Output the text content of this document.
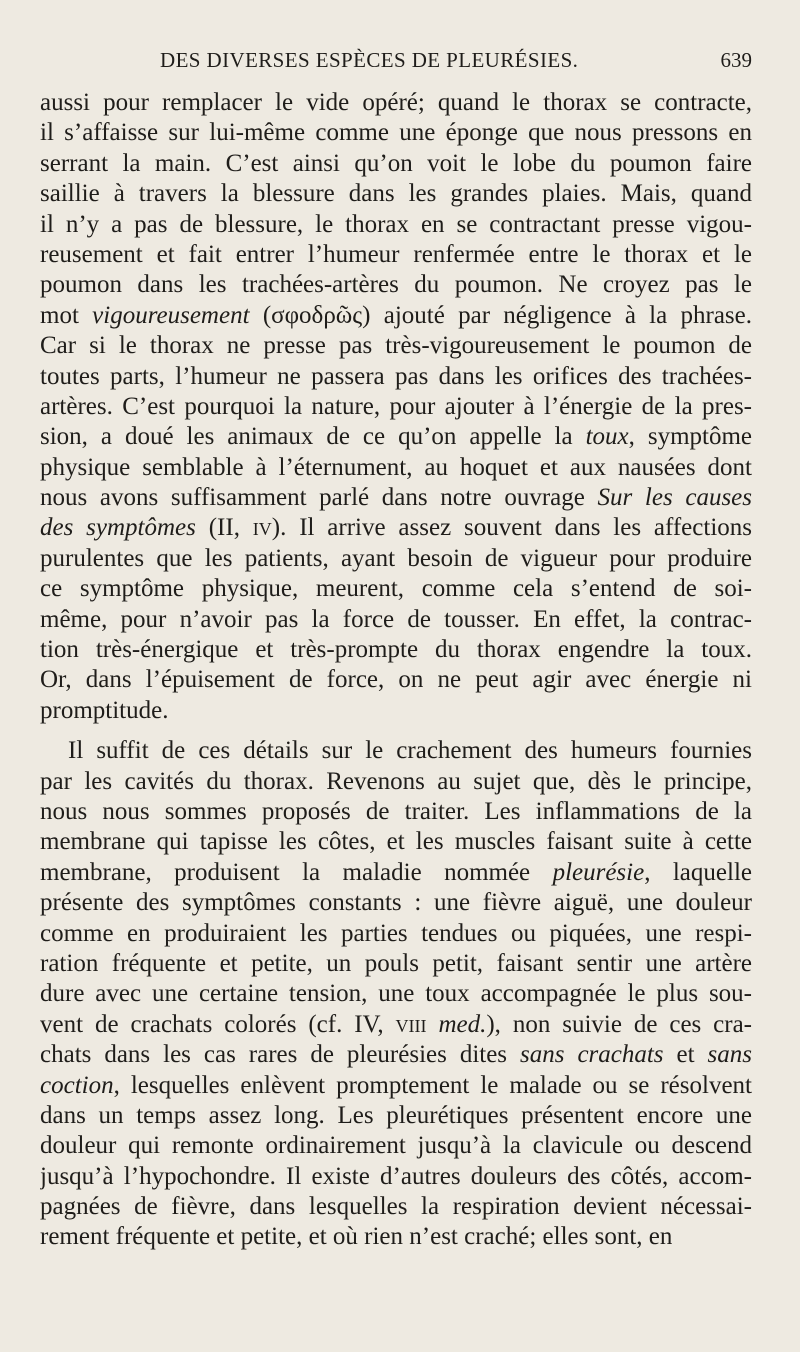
DES DIVERSES ESPÈCES DE PLEURÉSIES.	639
aussi pour remplacer le vide opéré; quand le thorax se contracte,
il s’affaisse sur lui-même comme une éponge que nous pressons en
serrant la main. C’est ainsi qu’on voit le lobe du poumon faire
saillie à travers la blessure dans les grandes plaies. Mais, quand
il n’y a pas de blessure, le thorax en se contractant presse vigou-
reusement et fait entrer l’humeur renfermée entre le thorax et le
poumon dans les trachées-artères du poumon. Ne croyez pas le
mot vigoureusement (σφοδρῶς) ajouté par négligence à la phrase.
Car si le thorax ne presse pas très-vigoureusement le poumon de
toutes parts, l’humeur ne passera pas dans les orifices des trachées-
artères. C’est pourquoi la nature, pour ajouter à l’énergie de la pres-
sion, a doué les animaux de ce qu’on appelle la toux, symptôme
physique semblable à l’éternument, au hoquet et aux nausées dont
nous avons suffisamment parlé dans notre ouvrage Sur les causes
des symptômes (II, iv). Il arrive assez souvent dans les affections
purulentes que les patients, ayant besoin de vigueur pour produire
ce symptôme physique, meurent, comme cela s’entend de soi-
même, pour n’avoir pas la force de tousser. En effet, la contrac-
tion très-énergique et très-prompte du thorax engendre la toux.
Or, dans l’épuisement de force, on ne peut agir avec énergie ni
promptitude.
Il suffit de ces détails sur le crachement des humeurs fournies
par les cavités du thorax. Revenons au sujet que, dès le principe,
nous nous sommes proposés de traiter. Les inflammations de la
membrane qui tapisse les côtes, et les muscles faisant suite à cette
membrane, produisent la maladie nommée pleurésie, laquelle
présente des symptômes constants : une fièvre aiguë, une douleur
comme en produiraient les parties tendues ou piquées, une respi-
ration fréquente et petite, un pouls petit, faisant sentir une artère
dure avec une certaine tension, une toux accompagnée le plus sou-
vent de crachats colorés (cf. IV, viii med.), non suivie de ces cra-
chats dans les cas rares de pleurésies dites sans crachats et sans
coction, lesquelles enlèvent promptement le malade ou se résolvent
dans un temps assez long. Les pleurétiques présentent encore une
douleur qui remonte ordinairement jusqu’à la clavicule ou descend
jusqu’à l’hypochondre. Il existe d’autres douleurs des côtés, accom-
pagnées de fièvre, dans lesquelles la respiration devient nécessai-
rement fréquente et petite, et où rien n’est craché; elles sont, en
